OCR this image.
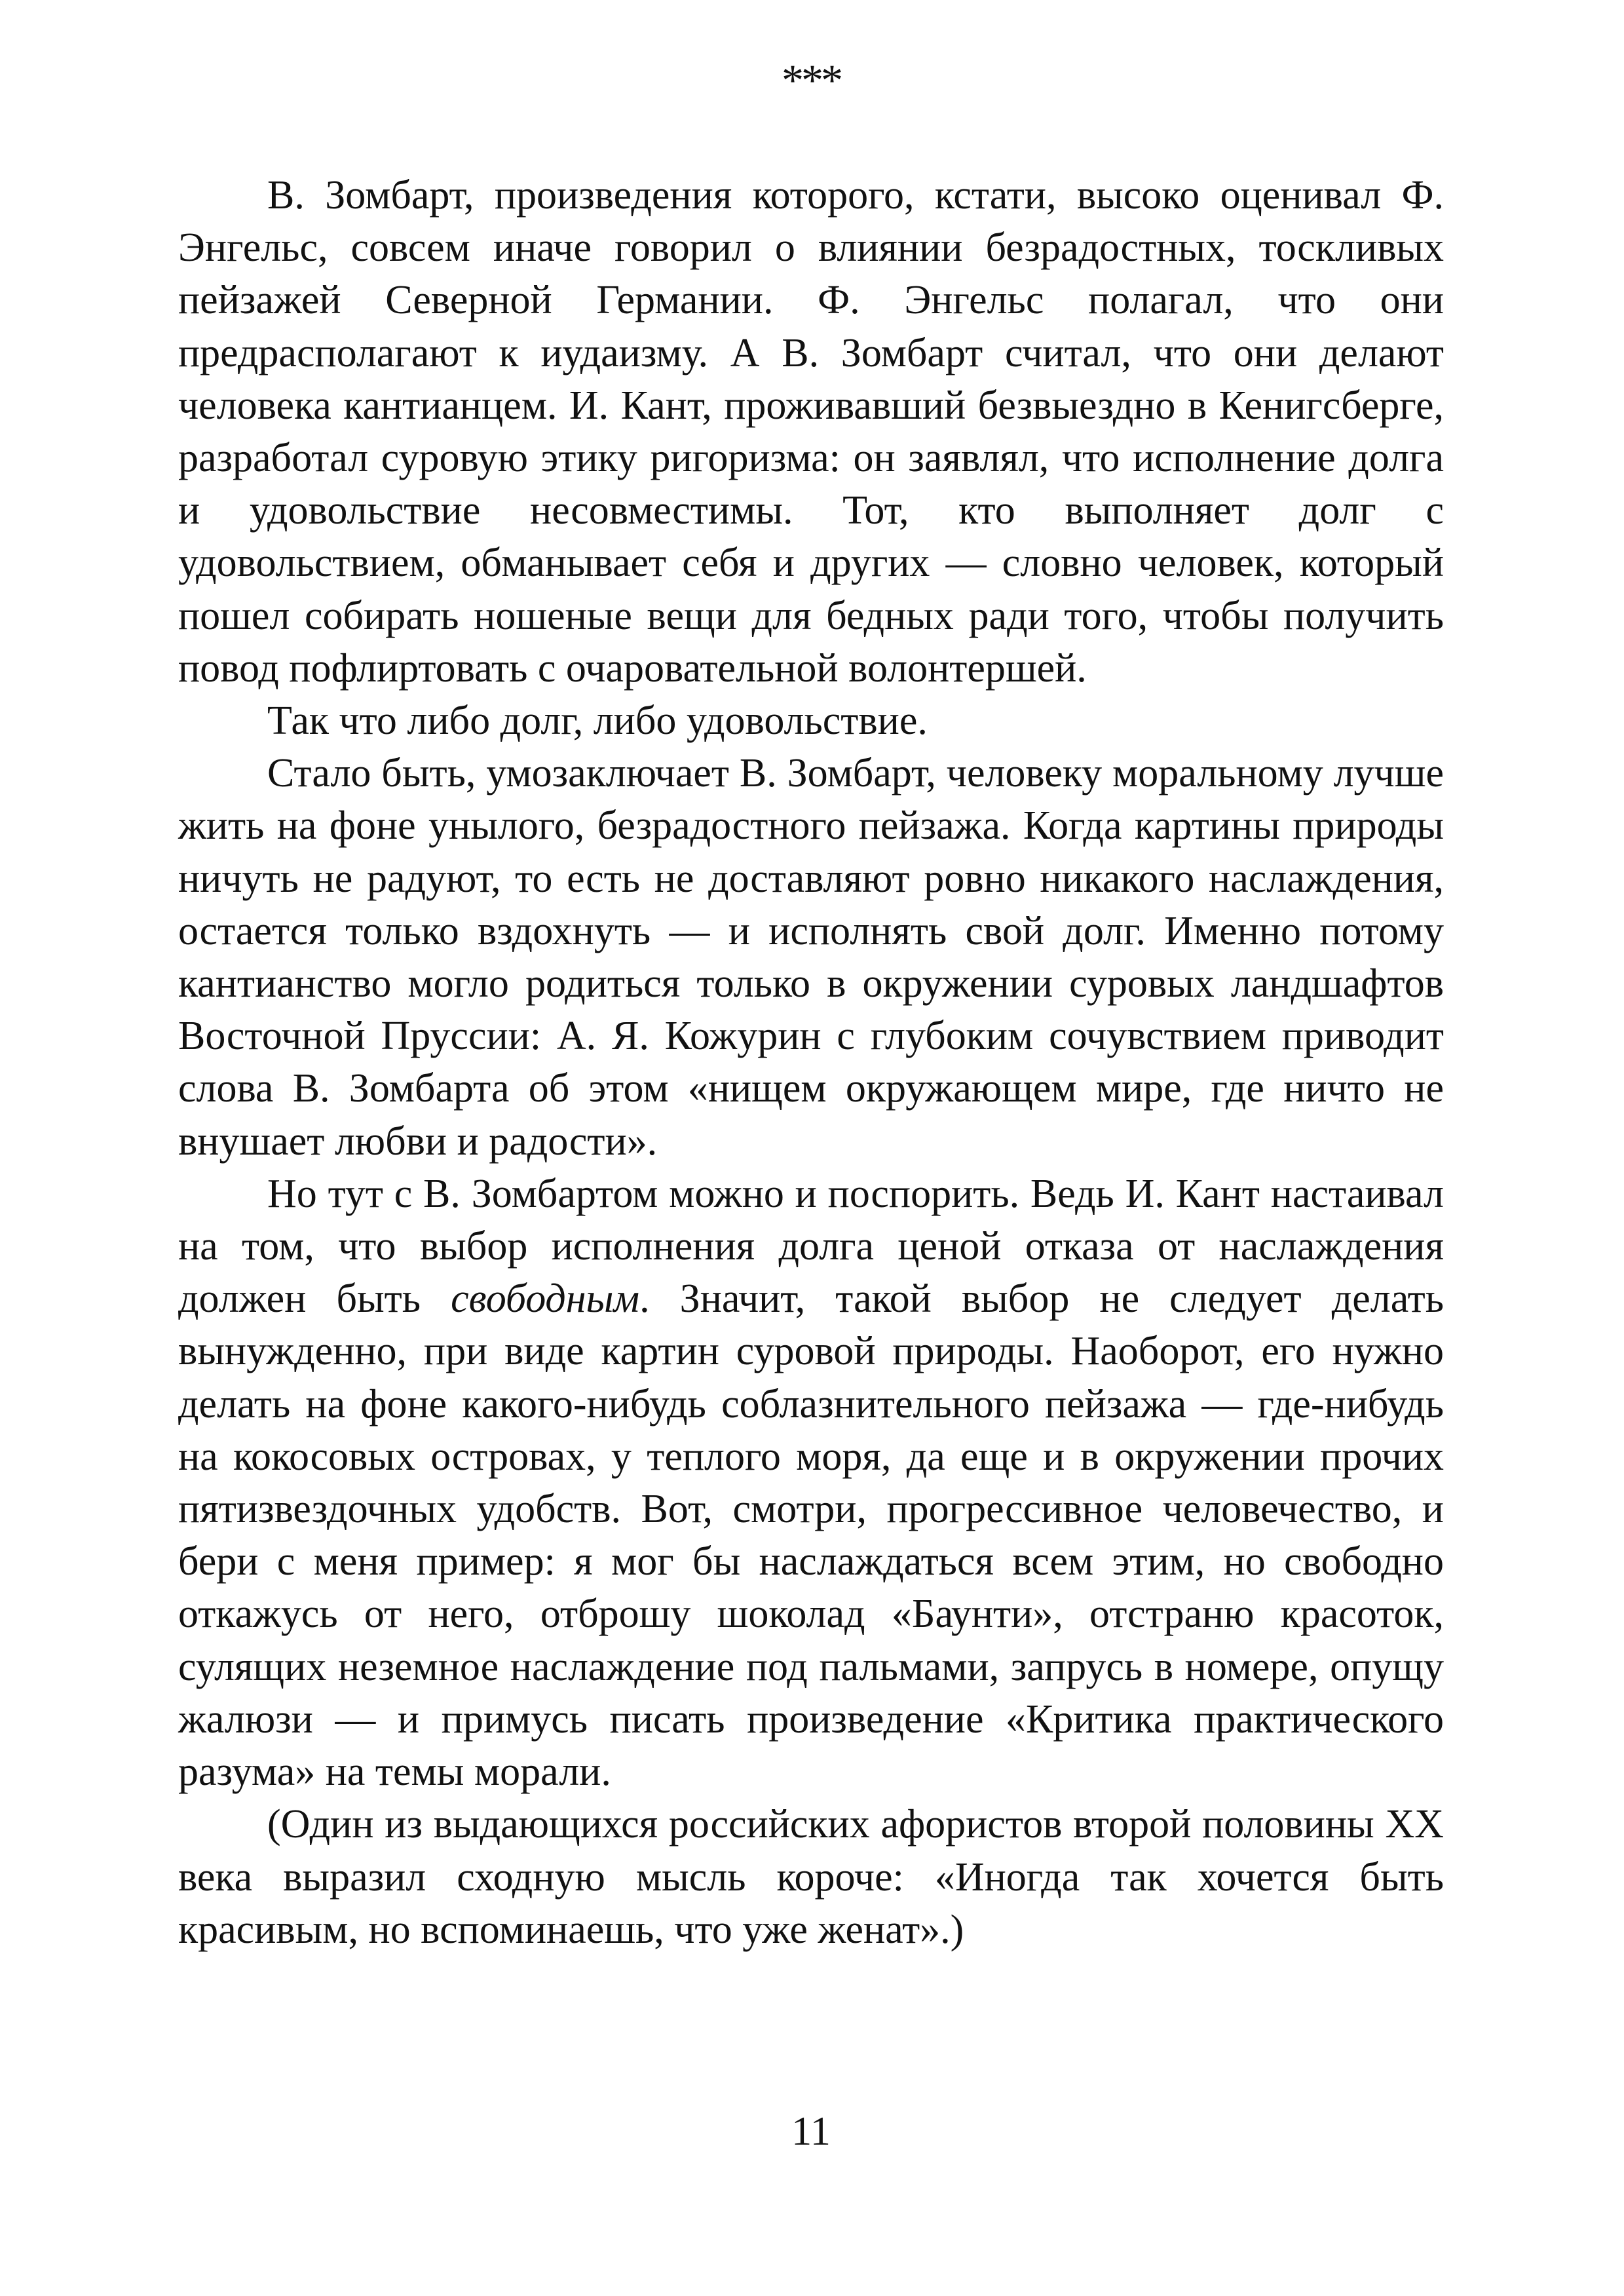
***

В. Зомбарт, произведения которого, кстати, высоко оценивал Ф. Энгельс, совсем иначе говорил о влиянии безрадостных, тоскливых пейзажей Северной Германии. Ф. Энгельс полагал, что они предрасполагают к иудаизму. А В. Зомбарт считал, что они делают человека кантианцем. И. Кант, проживавший безвыездно в Кенигсберге, разработал суровую этику ригоризма: он заявлял, что исполнение долга и удовольствие несовместимы. Тот, кто выполняет долг с удовольствием, обманывает себя и других — словно человек, который пошел собирать ношеные вещи для бедных ради того, чтобы получить повод пофлиртовать с очаровательной волонтершей.

Так что либо долг, либо удовольствие.

Стало быть, умозаключает В. Зомбарт, человеку моральному лучше жить на фоне унылого, безрадостного пейзажа. Когда картины природы ничуть не радуют, то есть не доставляют ровно никакого наслаждения, остается только вздохнуть — и исполнять свой долг. Именно потому кантианство могло родиться только в окружении суровых ландшафтов Восточной Пруссии: А. Я. Кожурин с глубоким сочувствием приводит слова В. Зомбарта об этом «нищем окружающем мире, где ничто не внушает любви и радости».

Но тут с В. Зомбартом можно и поспорить. Ведь И. Кант настаивал на том, что выбор исполнения долга ценой отказа от наслаждения должен быть свободным. Значит, такой выбор не следует делать вынужденно, при виде картин суровой природы. Наоборот, его нужно делать на фоне какого-нибудь соблазнительного пейзажа — где-нибудь на кокосовых островах, у теплого моря, да еще и в окружении прочих пятизвездочных удобств. Вот, смотри, прогрессивное человечество, и бери с меня пример: я мог бы наслаждаться всем этим, но свободно откажусь от него, отброшу шоколад «Баунти», отстраню красоток, сулящих неземное наслаждение под пальмами, запрусь в номере, опущу жалюзи — и примусь писать произведение «Критика практического разума» на темы морали.

(Один из выдающихся российских афористов второй половины XX века выразил сходную мысль короче: «Иногда так хочется быть красивым, но вспоминаешь, что уже женат».)

11
